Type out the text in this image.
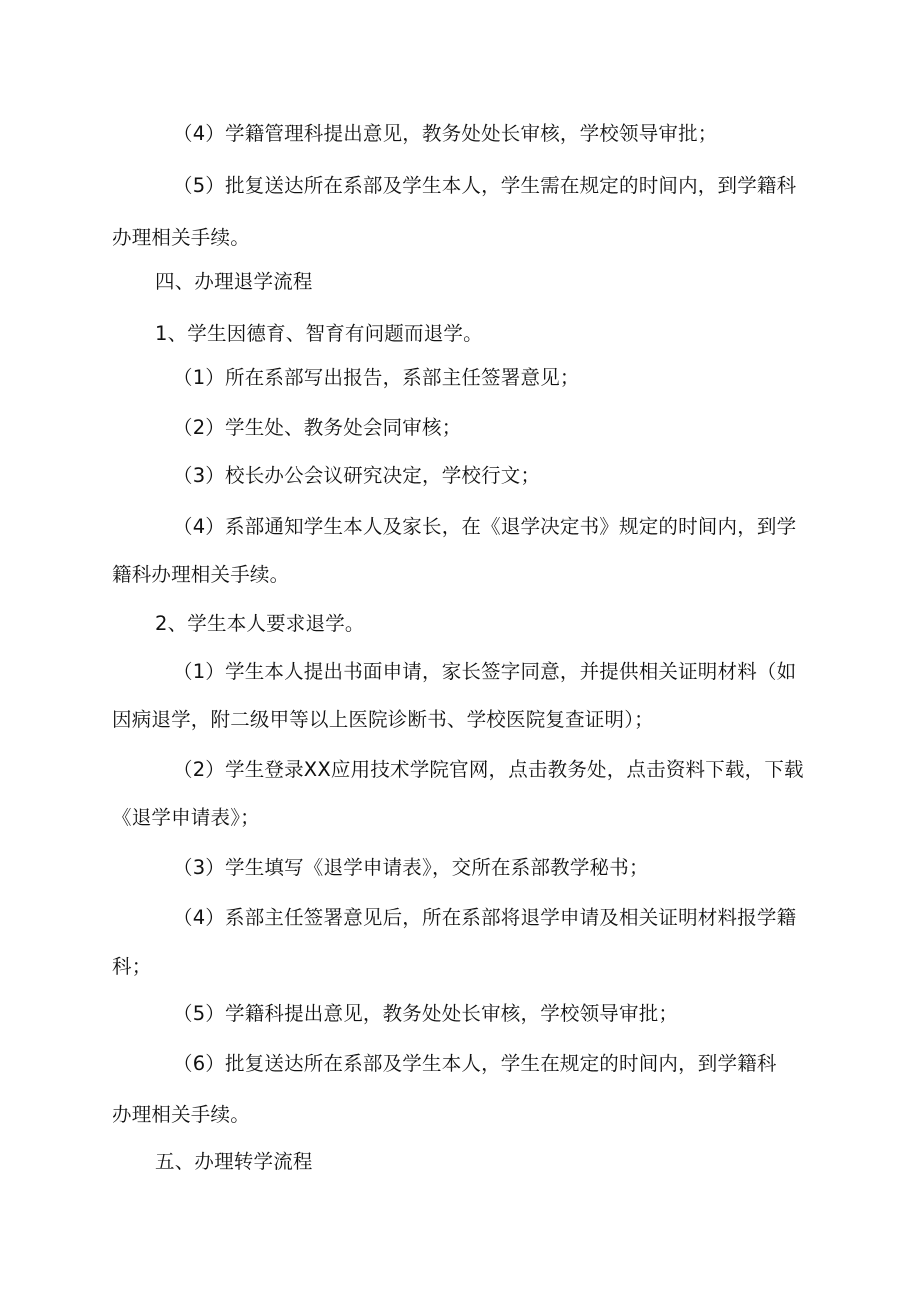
（4）学籍管理科提出意见，教务处处长审核，学校领导审批；
（5）批复送达所在系部及学生本人，学生需在规定的时间内，到学籍科
办理相关手续。
四、办理退学流程
1、学生因德育、智育有问题而退学。
（1）所在系部写出报告，系部主任签署意见；
（2）学生处、教务处会同审核；
（3）校长办公会议研究决定，学校行文；
（4）系部通知学生本人及家长，在《退学决定书》规定的时间内，到学
籍科办理相关手续。
2、学生本人要求退学。
（1）学生本人提出书面申请，家长签字同意，并提供相关证明材料（如
因病退学，附二级甲等以上医院诊断书、学校医院复查证明）；
（2）学生登录XX应用技术学院官网，点击教务处，点击资料下载，下载
《退学申请表》；
（3）学生填写《退学申请表》，交所在系部教学秘书；
（4）系部主任签署意见后，所在系部将退学申请及相关证明材料报学籍
科；
（5）学籍科提出意见，教务处处长审核，学校领导审批；
（6）批复送达所在系部及学生本人，学生在规定的时间内，到学籍科
办理相关手续。
五、办理转学流程
